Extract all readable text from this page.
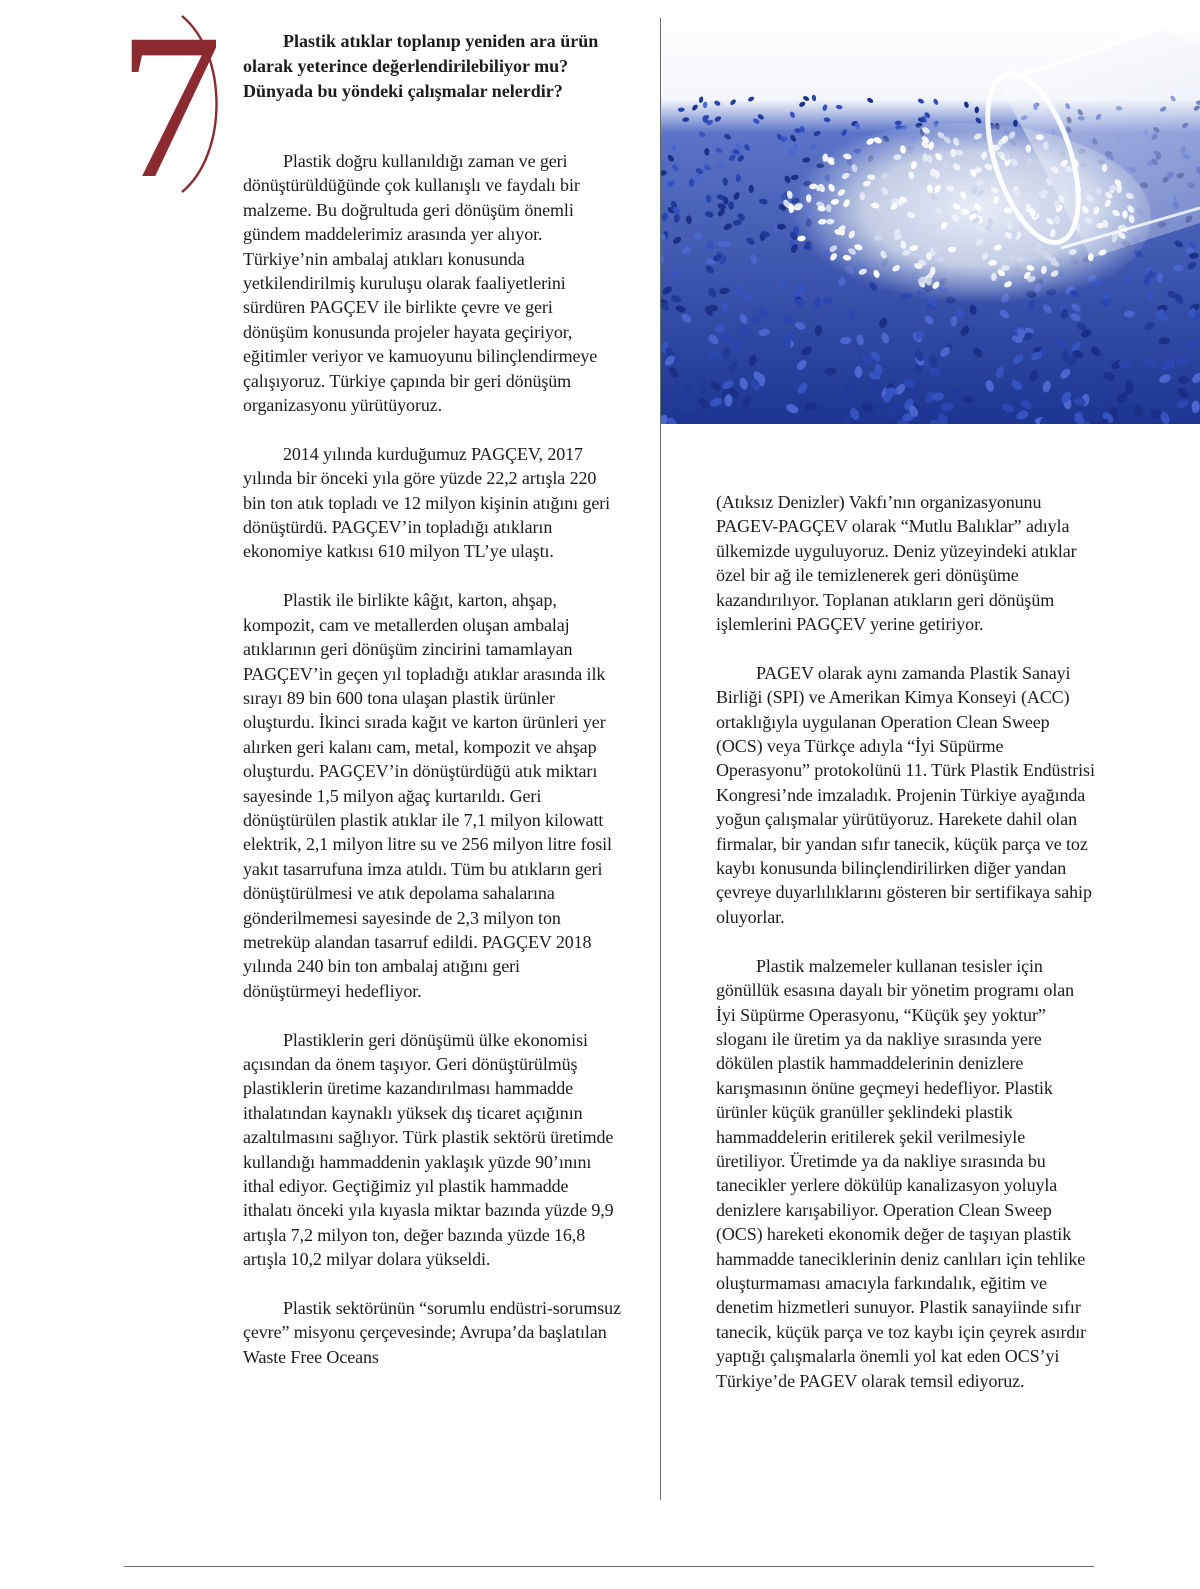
7	Plastik atıklar toplanıp yeniden ara ürün olarak yeterince değerlendirilebiliyor mu? Dünyada bu yöndeki çalışmalar nelerdir?

Plastik doğru kullanıldığı zaman ve geri dönüştürüldüğünde çok kullanışlı ve faydalı bir malzeme. Bu doğrultuda geri dönüşüm önemli gündem maddelerimiz arasında yer alıyor. Türkiye’nin ambalaj atıkları konusunda yetkilendirilmiş kuruluşu olarak faaliyetlerini sürdüren PAGÇEV ile birlikte çevre ve geri dönüşüm konusunda projeler hayata geçiriyor, eğitimler veriyor ve kamuoyunu bilinçlendirmeye çalışıyoruz. Türkiye çapında bir geri dönüşüm organizasyonu yürütüyoruz.

2014 yılında kurduğumuz PAGÇEV, 2017 yılında bir önceki yıla göre yüzde 22,2 artışla 220 bin ton atık topladı ve 12 milyon kişinin atığını geri dönüştürdü. PAGÇEV’in topladığı atıkların ekonomiye katkısı 610 milyon TL’ye ulaştı.

Plastik ile birlikte kâğıt, karton, ahşap, kompozit, cam ve metallerden oluşan ambalaj atıklarının geri dönüşüm zincirini tamamlayan PAGÇEV’in geçen yıl topladığı atıklar arasında ilk sırayı 89 bin 600 tona ulaşan plastik ürünler oluşturdu. İkinci sırada kağıt ve karton ürünleri yer alırken geri kalanı cam, metal, kompozit ve ahşap oluşturdu. PAGÇEV’in dönüştürdüğü atık miktarı sayesinde 1,5 milyon ağaç kurtarıldı. Geri dönüştürülen plastik atıklar ile 7,1 milyon kilowatt elektrik, 2,1 milyon litre su ve 256 milyon litre fosil yakıt tasarrufuna imza atıldı. Tüm bu atıkların geri dönüştürülmesi ve atık depolama sahalarına gönderilmemesi sayesinde de 2,3 milyon ton metreküp alandan tasarruf edildi. PAGÇEV 2018 yılında 240 bin ton ambalaj atığını geri dönüştürmeyi hedefliyor.

Plastiklerin geri dönüşümü ülke ekonomisi açısından da önem taşıyor. Geri dönüştürülmüş plastiklerin üretime kazandırılması hammadde ithalatından kaynaklı yüksek dış ticaret açığının azaltılmasını sağlıyor. Türk plastik sektörü üretimde kullandığı hammaddenin yaklaşık yüzde 90’ınını ithal ediyor. Geçtiğimiz yıl plastik hammadde ithalatı önceki yıla kıyasla miktar bazında yüzde 9,9 artışla 7,2 milyon ton, değer bazında yüzde 16,8 artışla 10,2 milyar dolara yükseldi.

Plastik sektörünün “sorumlu endüstri-sorumsuz çevre” misyonu çerçevesinde; Avrupa’da başlatılan Waste Free Oceans

(Atıksız Denizler) Vakfı’nın organizasyonunu PAGEV-PAGÇEV olarak “Mutlu Balıklar” adıyla ülkemizde uyguluyoruz. Deniz yüzeyindeki atıklar özel bir ağ ile temizlenerek geri dönüşüme kazandırılıyor. Toplanan atıkların geri dönüşüm işlemlerini PAGÇEV yerine getiriyor.

PAGEV olarak aynı zamanda Plastik Sanayi Birliği (SPI) ve Amerikan Kimya Konseyi (ACC) ortaklığıyla uygulanan Operation Clean Sweep (OCS) veya Türkçe adıyla “İyi Süpürme Operasyonu” protokolünü 11. Türk Plastik Endüstrisi Kongresi’nde imzaladık. Projenin Türkiye ayağında yoğun çalışmalar yürütüyoruz. Harekete dahil olan firmalar, bir yandan sıfır tanecik, küçük parça ve toz kaybı konusunda bilinçlendirilirken diğer yandan çevreye duyarlılıklarını gösteren bir sertifikaya sahip oluyorlar.

Plastik malzemeler kullanan tesisler için gönüllük esasına dayalı bir yönetim programı olan İyi Süpürme Operasyonu, “Küçük şey yoktur” sloganı ile üretim ya da nakliye sırasında yere dökülen plastik hammaddelerinin denizlere karışmasının önüne geçmeyi hedefliyor. Plastik ürünler küçük granüller şeklindeki plastik hammaddelerin eritilerek şekil verilmesiyle üretiliyor. Üretimde ya da nakliye sırasında bu tanecikler yerlere dökülüp kanalizasyon yoluyla denizlere karışabiliyor. Operation Clean Sweep (OCS) hareketi ekonomik değer de taşıyan plastik hammadde taneciklerinin deniz canlıları için tehlike oluşturmaması amacıyla farkındalık, eğitim ve denetim hizmetleri sunuyor. Plastik sanayiinde sıfır tanecik, küçük parça ve toz kaybı için çeyrek asırdır yaptığı çalışmalarla önemli yol kat eden OCS’yi Türkiye’de PAGEV olarak temsil ediyoruz.
